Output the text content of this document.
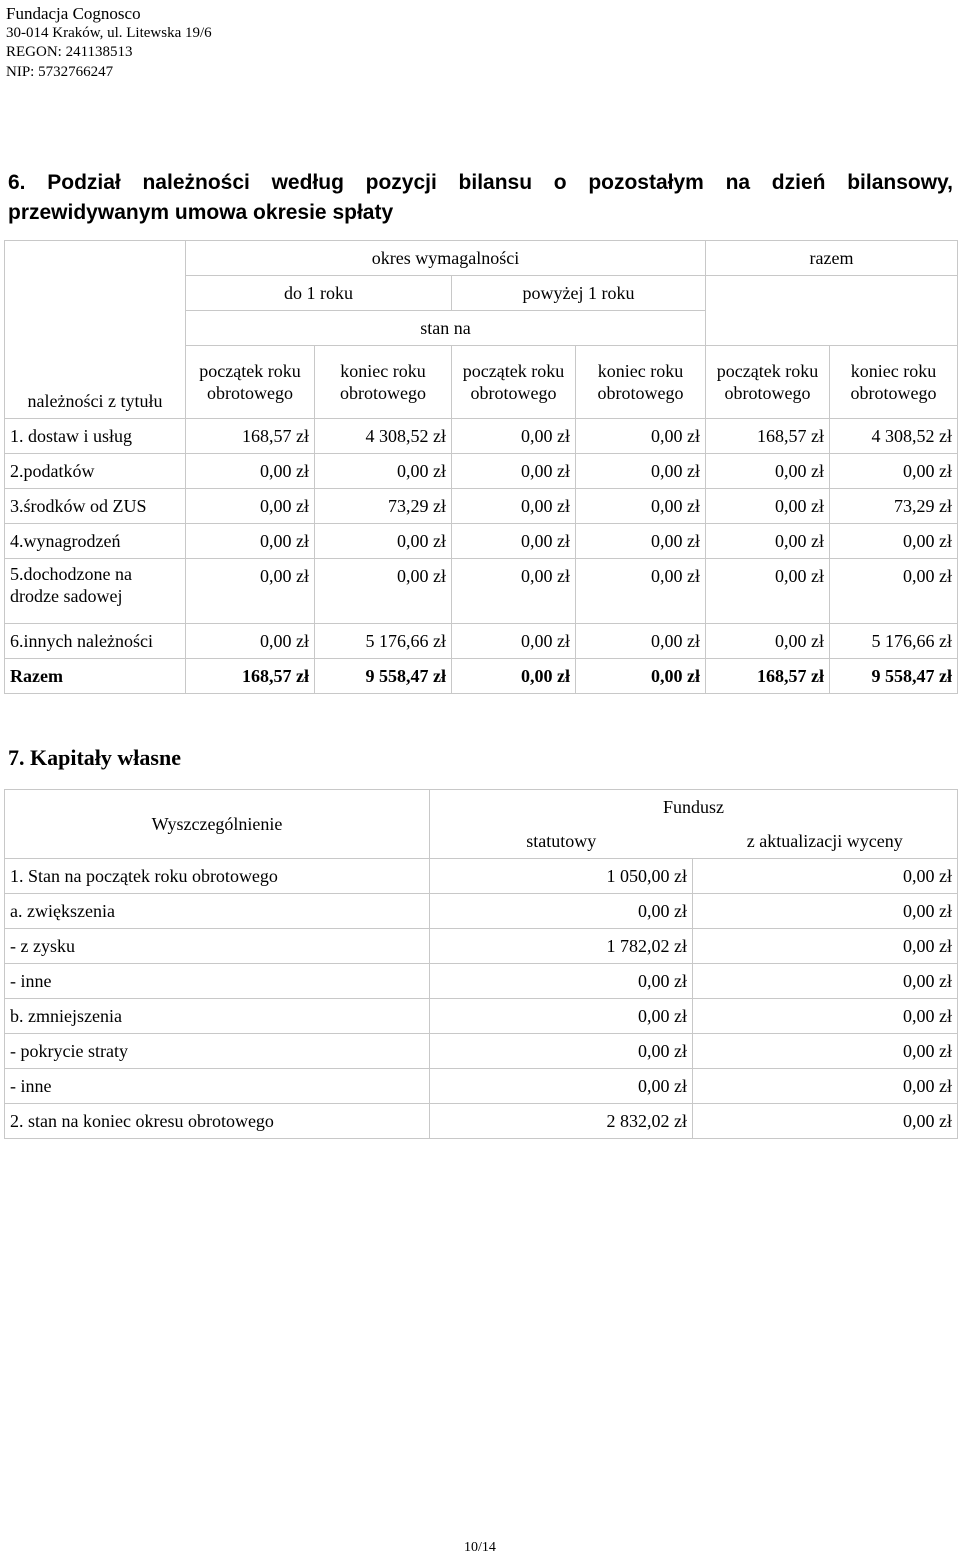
Fundacja Cognosco
30-014 Kraków, ul. Litewska 19/6
REGON: 241138513
NIP: 5732766247
6. Podział należności według pozycji bilansu o pozostałym na dzień bilansowy, przewidywanym umowa okresie spłaty
należności z tytułu	okres wymagalności				razem	
	do 1 roku		powyżej 1 roku			
	stan na					
	początek roku obrotowego	koniec roku obrotowego	początek roku obrotowego	koniec roku obrotowego	początek roku obrotowego	koniec roku obrotowego
1. dostaw i usług	168,57 zł	4 308,52 zł	0,00 zł	0,00 zł	168,57 zł	4 308,52 zł
2.podatków	0,00 zł	0,00 zł	0,00 zł	0,00 zł	0,00 zł	0,00 zł
3.środków od ZUS	0,00 zł	73,29 zł	0,00 zł	0,00 zł	0,00 zł	73,29 zł
4.wynagrodzeń	0,00 zł	0,00 zł	0,00 zł	0,00 zł	0,00 zł	0,00 zł
5.dochodzone na drodze sadowej	0,00 zł	0,00 zł	0,00 zł	0,00 zł	0,00 zł	0,00 zł
6.innych należności	0,00 zł	5 176,66 zł	0,00 zł	0,00 zł	0,00 zł	5 176,66 zł
Razem	168,57 zł	9 558,47 zł	0,00 zł	0,00 zł	168,57 zł	9 558,47 zł
7. Kapitały własne
Wyszczególnienie	Fundusz	
	statutowy	z aktualizacji wyceny
1. Stan na początek roku obrotowego	1 050,00 zł	0,00 zł
a. zwiększenia	0,00 zł	0,00 zł
- z zysku	1 782,02 zł	0,00 zł
- inne	0,00 zł	0,00 zł
b. zmniejszenia	0,00 zł	0,00 zł
- pokrycie straty	0,00 zł	0,00 zł
- inne	0,00 zł	0,00 zł
2. stan na koniec okresu obrotowego	2 832,02 zł	0,00 zł
10/14
